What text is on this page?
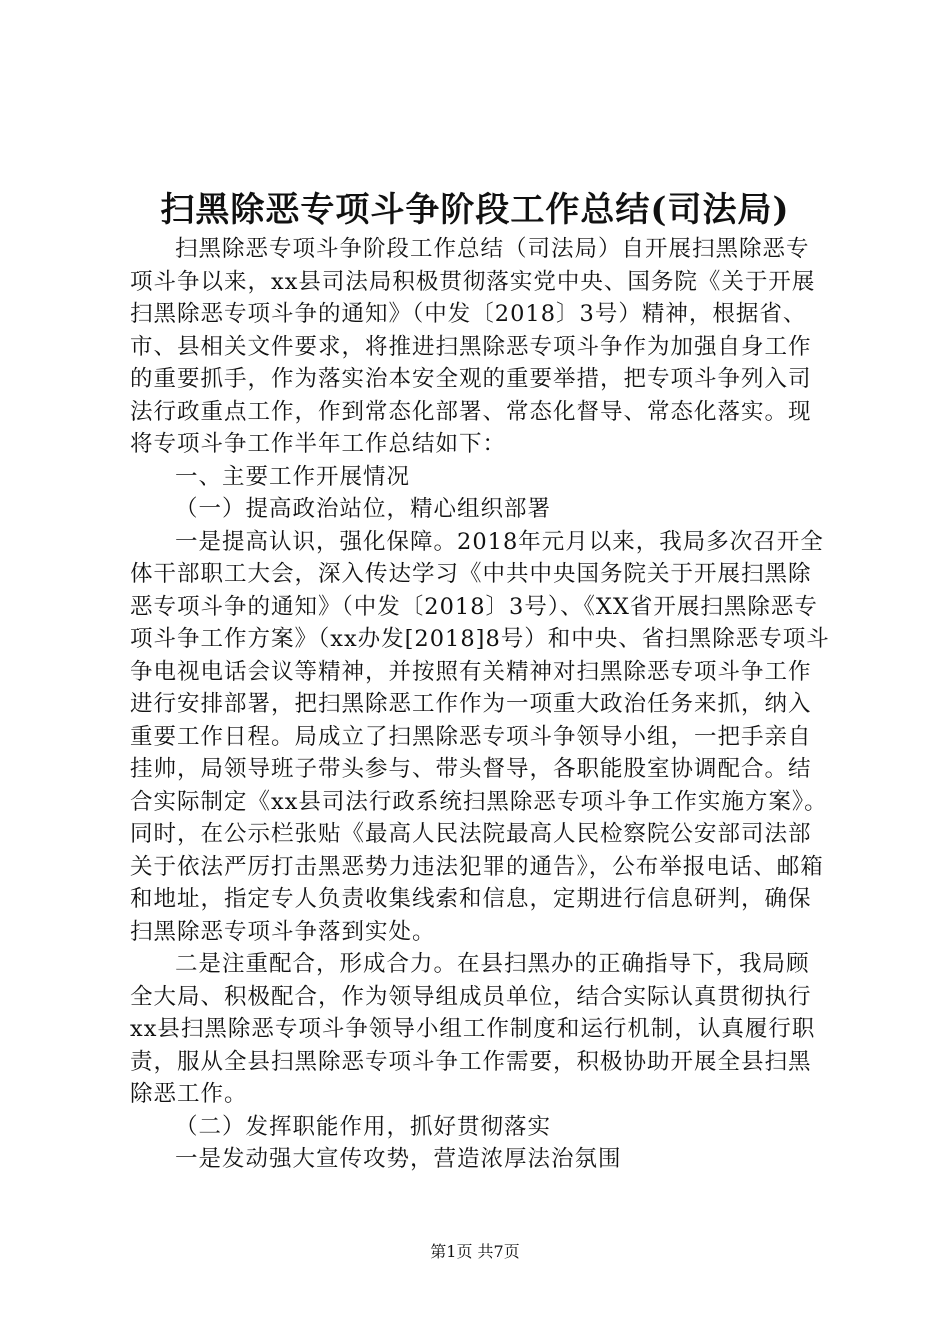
扫黑除恶专项斗争阶段工作总结(司法局)

扫黑除恶专项斗争阶段工作总结（司法局）自开展扫黑除恶专项斗争以来，xx县司法局积极贯彻落实党中央、国务院《关于开展扫黑除恶专项斗争的通知》（中发〔2018〕3号）精神，根据省、市、县相关文件要求，将推进扫黑除恶专项斗争作为加强自身工作的重要抓手，作为落实治本安全观的重要举措，把专项斗争列入司法行政重点工作，作到常态化部署、常态化督导、常态化落实。现将专项斗争工作半年工作总结如下：

一、主要工作开展情况

（一）提高政治站位，精心组织部署

一是提高认识，强化保障。2018年元月以来，我局多次召开全体干部职工大会，深入传达学习《中共中央国务院关于开展扫黑除恶专项斗争的通知》（中发〔2018〕3号）、《XX省开展扫黑除恶专项斗争工作方案》（xx办发[2018]8号）和中央、省扫黑除恶专项斗争电视电话会议等精神，并按照有关精神对扫黑除恶专项斗争工作进行安排部署，把扫黑除恶工作作为一项重大政治任务来抓，纳入重要工作日程。局成立了扫黑除恶专项斗争领导小组，一把手亲自挂帅，局领导班子带头参与、带头督导，各职能股室协调配合。结合实际制定《xx县司法行政系统扫黑除恶专项斗争工作实施方案》。同时，在公示栏张贴《最高人民法院最高人民检察院公安部司法部关于依法严厉打击黑恶势力违法犯罪的通告》，公布举报电话、邮箱和地址，指定专人负责收集线索和信息，定期进行信息研判，确保扫黑除恶专项斗争落到实处。

二是注重配合，形成合力。在县扫黑办的正确指导下，我局顾全大局、积极配合，作为领导组成员单位，结合实际认真贯彻执行xx县扫黑除恶专项斗争领导小组工作制度和运行机制，认真履行职责，服从全县扫黑除恶专项斗争工作需要，积极协助开展全县扫黑除恶工作。

（二）发挥职能作用，抓好贯彻落实

一是发动强大宣传攻势，营造浓厚法治氛围

第1页 共7页
